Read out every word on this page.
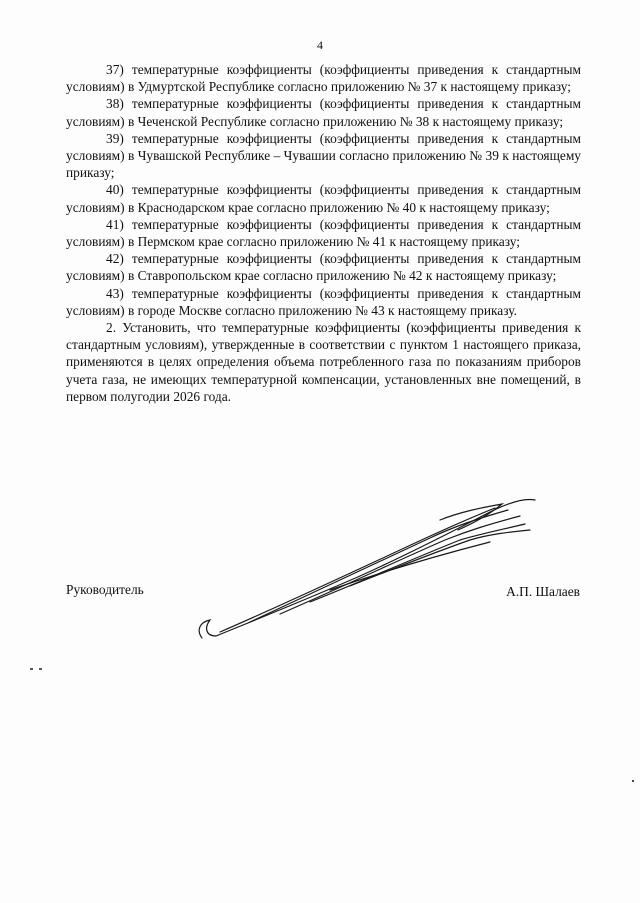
4

37) температурные коэффициенты (коэффициенты приведения к стандартным условиям) в Удмуртской Республике согласно приложению № 37 к настоящему приказу;

38) температурные коэффициенты (коэффициенты приведения к стандартным условиям) в Чеченской Республике согласно приложению № 38 к настоящему приказу;

39) температурные коэффициенты (коэффициенты приведения к стандартным условиям) в Чувашской Республике – Чувашии согласно приложению № 39 к настоящему приказу;

40) температурные коэффициенты (коэффициенты приведения к стандартным условиям) в Краснодарском крае согласно приложению № 40 к настоящему приказу;

41) температурные коэффициенты (коэффициенты приведения к стандартным условиям) в Пермском крае согласно приложению № 41 к настоящему приказу;

42) температурные коэффициенты (коэффициенты приведения к стандартным условиям) в Ставропольском крае согласно приложению № 42 к настоящему приказу;

43) температурные коэффициенты (коэффициенты приведения к стандартным условиям) в городе Москве согласно приложению № 43 к настоящему приказу.

2. Установить, что температурные коэффициенты (коэффициенты приведения к стандартным условиям), утвержденные в соответствии с пунктом 1 настоящего приказа, применяются в целях определения объема потребленного газа по показаниям приборов учета газа, не имеющих температурной компенсации, установленных вне помещений, в первом полугодии 2026 года.

Руководитель	А.П. Шалаев
